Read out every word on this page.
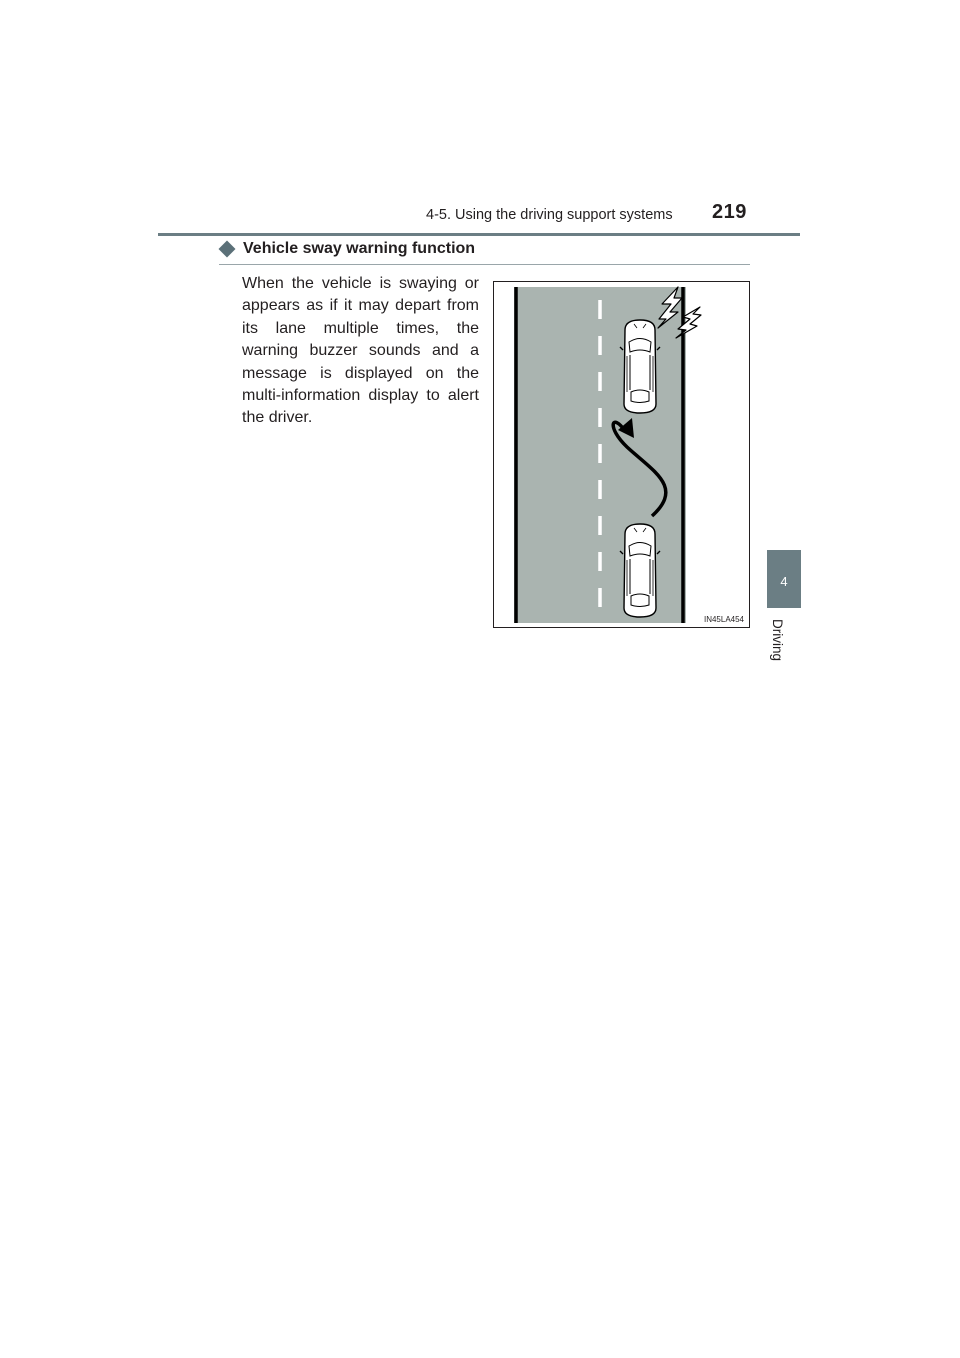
4-5. Using the driving support systems 219
4
Driving
Vehicle sway warning function
When the vehicle is swaying or appears as if it may depart from its lane multiple times, the warning buzzer sounds and a message is displayed on the multi-information display to alert the driver.
IN45LA454
